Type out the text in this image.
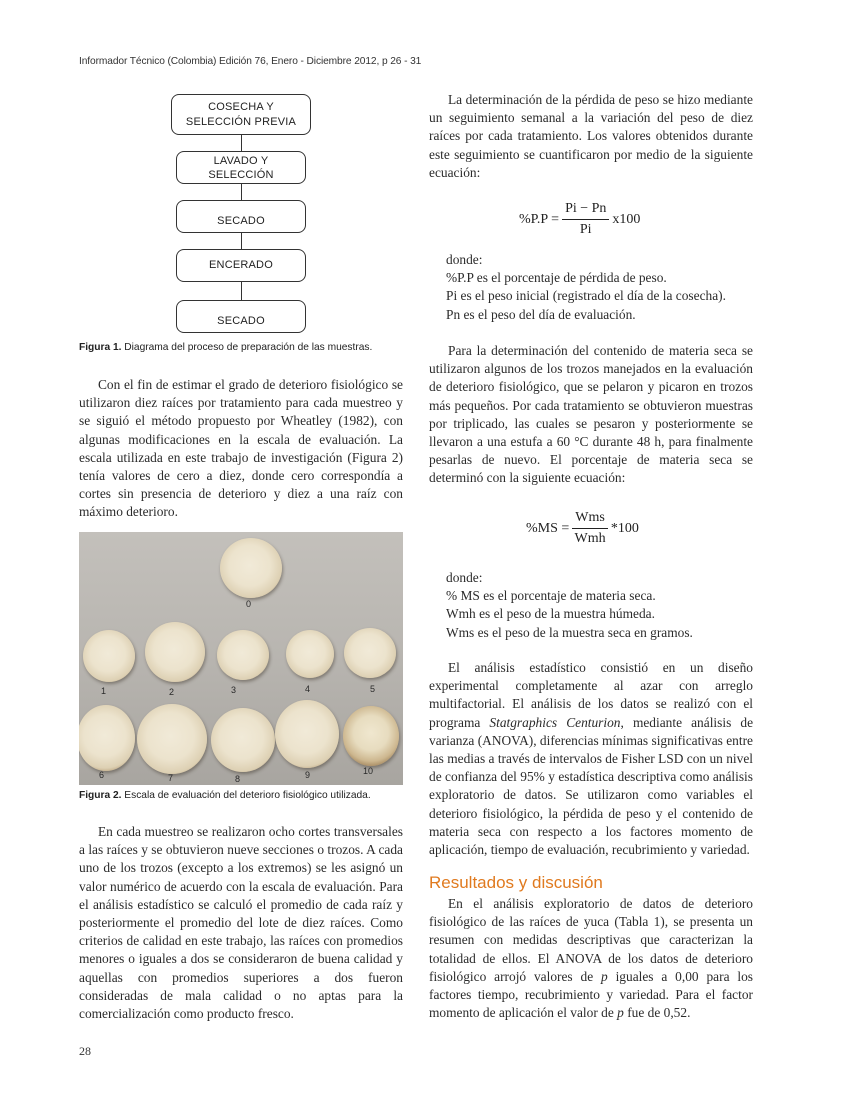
Informador Técnico (Colombia) Edición 76, Enero - Diciembre 2012, p 26 - 31
COSECHA Y
SELECCIÓN PREVIA
LAVADO Y
SELECCIÓN
SECADO
ENCERADO
SECADO
Figura 1. Diagrama del proceso de preparación de las muestras.

Con el fin de estimar el grado de deterioro fisiológico se utilizaron diez raíces por tratamiento para cada muestreo y se siguió el método propuesto por Wheatley (1982), con algunas modificaciones en la escala de evaluación. La escala utilizada en este trabajo de investigación (Figura 2) tenía valores de cero a diez, donde cero correspondía a cortes sin presencia de deterioro y diez a una raíz con máximo deterioro.

0
1	2	3	4	5
6	7	8	9	10
Figura 2. Escala de evaluación del deterioro fisiológico utilizada.

En cada muestreo se realizaron ocho cortes transversales a las raíces y se obtuvieron nueve secciones o trozos. A cada uno de los trozos (excepto a los extremos) se les asignó un valor numérico de acuerdo con la escala de evaluación. Para el análisis estadístico se calculó el promedio de cada raíz y posteriormente el promedio del lote de diez raíces. Como criterios de calidad en este trabajo, las raíces con promedios menores o iguales a dos se consideraron de buena calidad y aquellas con promedios superiores a dos fueron consideradas de mala calidad o no aptas para la comercialización como producto fresco.

La determinación de la pérdida de peso se hizo mediante un seguimiento semanal a la variación del peso de diez raíces por cada tratamiento. Los valores obtenidos durante este seguimiento se cuantificaron por medio de la siguiente ecuación:

$\%P.P = \frac{Pi - Pn}{Pi} x100$
donde:
%P.P es el porcentaje de pérdida de peso.
Pi es el peso inicial (registrado el día de la cosecha).
Pn es el peso del día de evaluación.

Para la determinación del contenido de materia seca se utilizaron algunos de los trozos manejados en la evaluación de deterioro fisiológico, que se pelaron y picaron en trozos más pequeños. Por cada tratamiento se obtuvieron muestras por triplicado, las cuales se pesaron y posteriormente se llevaron a una estufa a 60 °C durante 48 h, para finalmente pesarlas de nuevo. El porcentaje de materia seca se determinó con la siguiente ecuación:

$\%MS = \frac{\text{Wms}}{\text{Wmh}} *100$
donde:
% MS es el porcentaje de materia seca.
Wmh es el peso de la muestra húmeda.
Wms es el peso de la muestra seca en gramos.

El análisis estadístico consistió en un diseño experimental completamente al azar con arreglo multifactorial. El análisis de los datos se realizó con el programa Statgraphics Centurion, mediante análisis de varianza (ANOVA), diferencias mínimas significativas entre las medias a través de intervalos de Fisher LSD con un nivel de confianza del 95% y estadística descriptiva como análisis exploratorio de datos. Se utilizaron como variables el deterioro fisiológico, la pérdida de peso y el contenido de materia seca con respecto a los factores momento de aplicación, tiempo de evaluación, recubrimiento y variedad.

Resultados y discusión

En el análisis exploratorio de datos de deterioro fisiológico de las raíces de yuca (Tabla 1), se presenta un resumen con medidas descriptivas que caracterizan la totalidad de ellos. El ANOVA de los datos de deterioro fisiológico arrojó valores de p iguales a 0,00 para los factores tiempo, recubrimiento y variedad. Para el factor momento de aplicación el valor de p fue de 0,52.

28
